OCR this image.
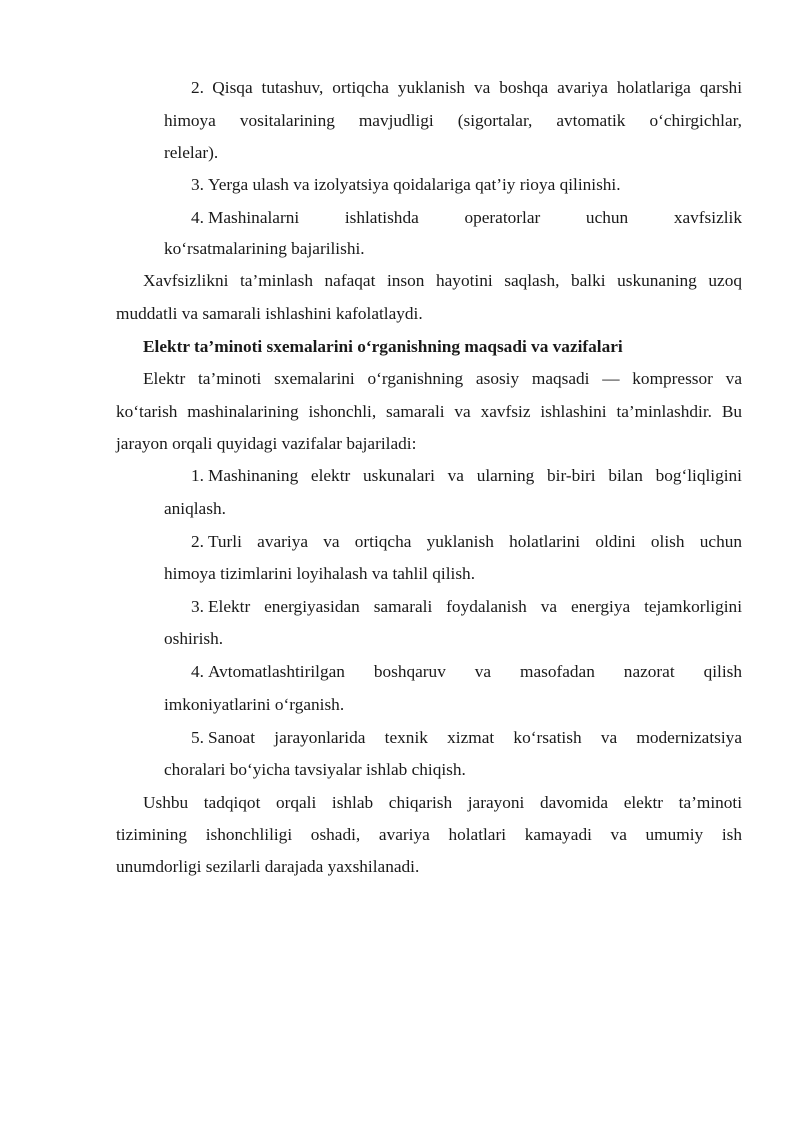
2. Qisqa tutashuv, ortiqcha yuklanish va boshqa avariya holatlariga qarshi
himoya vositalarining mavjudligi (sigortalar, avtomatik o‘chirgichlar,
relelar).
3. Yerga ulash va izolyatsiya qoidalariga qat’iy rioya qilinishi.
4. Mashinalarni ishlatishda operatorlar uchun xavfsizlik
ko‘rsatmalarining bajarilishi.
Xavfsizlikni ta’minlash nafaqat inson hayotini saqlash, balki uskunaning uzoq
muddatli va samarali ishlashini kafolatlaydi.
Elektr ta’minoti sxemalarini o‘rganishning maqsadi va vazifalari
Elektr ta’minoti sxemalarini o‘rganishning asosiy maqsadi — kompressor va
ko‘tarish mashinalarining ishonchli, samarali va xavfsiz ishlashini ta’minlashdir. Bu
jarayon orqali quyidagi vazifalar bajariladi:
1. Mashinaning elektr uskunalari va ularning bir-biri bilan bog‘liqligini
aniqlash.
2. Turli avariya va ortiqcha yuklanish holatlarini oldini olish uchun
himoya tizimlarini loyihalash va tahlil qilish.
3. Elektr energiyasidan samarali foydalanish va energiya tejamkorligini
oshirish.
4. Avtomatlashtirilgan boshqaruv va masofadan nazorat qilish
imkoniyatlarini o‘rganish.
5. Sanoat jarayonlarida texnik xizmat ko‘rsatish va modernizatsiya
choralari bo‘yicha tavsiyalar ishlab chiqish.
Ushbu tadqiqot orqali ishlab chiqarish jarayoni davomida elektr ta’minoti
tizimining ishonchliligi oshadi, avariya holatlari kamayadi va umumiy ish
unumdorligi sezilarli darajada yaxshilanadi.
